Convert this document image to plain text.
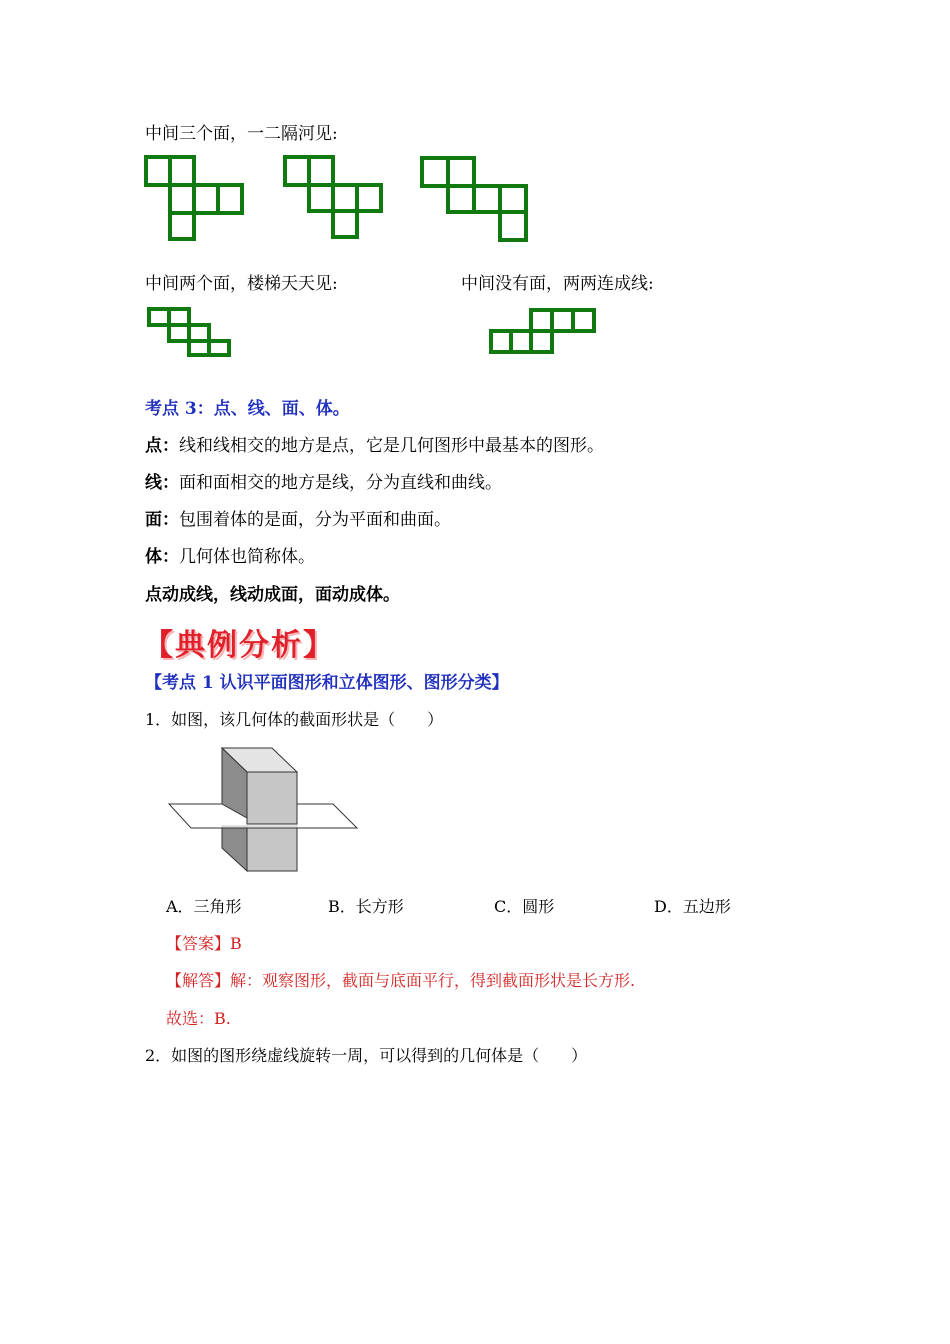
中间三个面，一二隔河见:
中间两个面，楼梯天天见:	中间没有面，两两连成线:
考点 3：点、线、面、体。
点：线和线相交的地方是点，它是几何图形中最基本的图形。
线：面和面相交的地方是线，分为直线和曲线。
面：包围着体的是面，分为平面和曲面。
体：几何体也简称体。
点动成线，线动成面，面动成体。
【典例分析】
【考点 1 认识平面图形和立体图形、图形分类】
1．如图，该几何体的截面形状是（　　）
A．三角形	B．长方形	C．圆形	D．五边形
【答案】B
【解答】解：观察图形，截面与底面平行，得到截面形状是长方形.
故选：B.
2．如图的图形绕虚线旋转一周，可以得到的几何体是（　　）
